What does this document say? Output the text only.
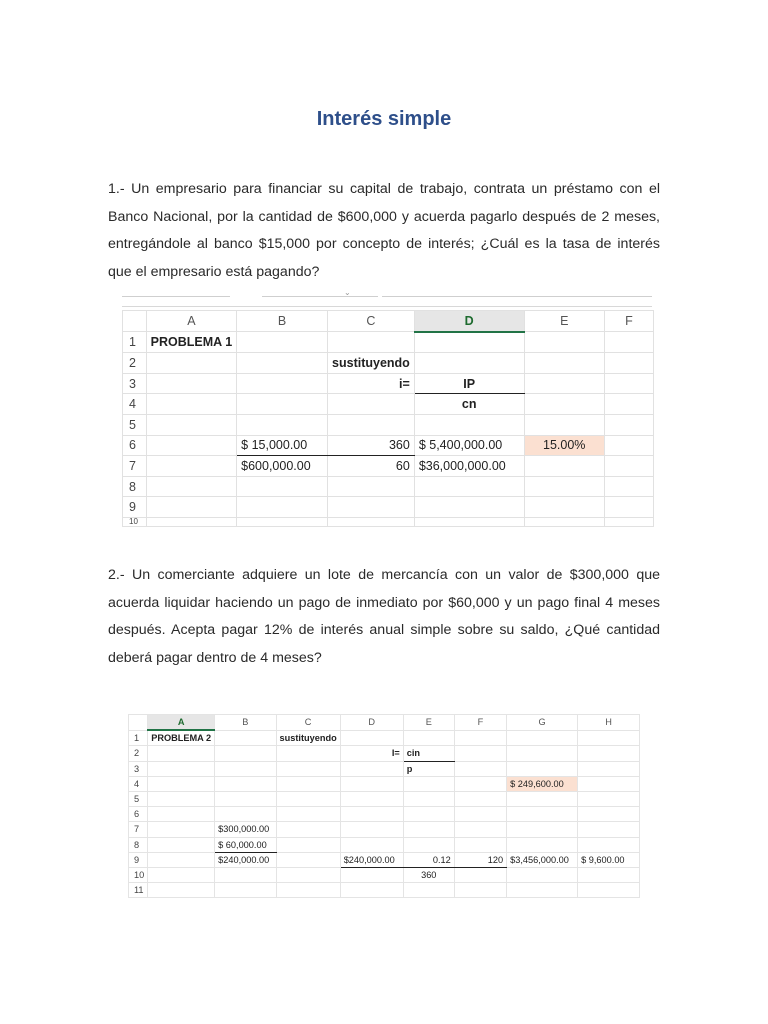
Interés simple

1.- Un empresario para financiar su capital de trabajo, contrata un préstamo con el Banco Nacional, por la cantidad de $600,000 y acuerda pagarlo después de 2 meses, entregándole al banco $15,000 por concepto de interés; ¿Cuál es la tasa de interés que el empresario está pagando?

⌄
	A	B	C	D	E	F
1	PROBLEMA 1					
2			sustituyendo			
3			i=	IP		
4				cn		
5						
6		$ 15,000.00	360	$ 5,400,000.00	15.00%	
7		$600,000.00	60	$36,000,000.00		
8						
9						
10						

2.- Un comerciante adquiere un lote de mercancía con un valor de $300,000 que acuerda liquidar haciendo un pago de inmediato por $60,000 y un pago final 4 meses después. Acepta pagar 12% de interés anual simple sobre su saldo, ¿Qué cantidad deberá pagar dentro de 4 meses?

	A	B	C	D	E	F	G	H
1	PROBLEMA 2		sustituyendo					
2				I=	cin			
3					p			
4							$ 249,600.00	
5								
6								
7		$300,000.00						
8		$ 60,000.00						
9		$240,000.00		$240,000.00	0.12	120	$3,456,000.00	$ 9,600.00
10					360			
11								
